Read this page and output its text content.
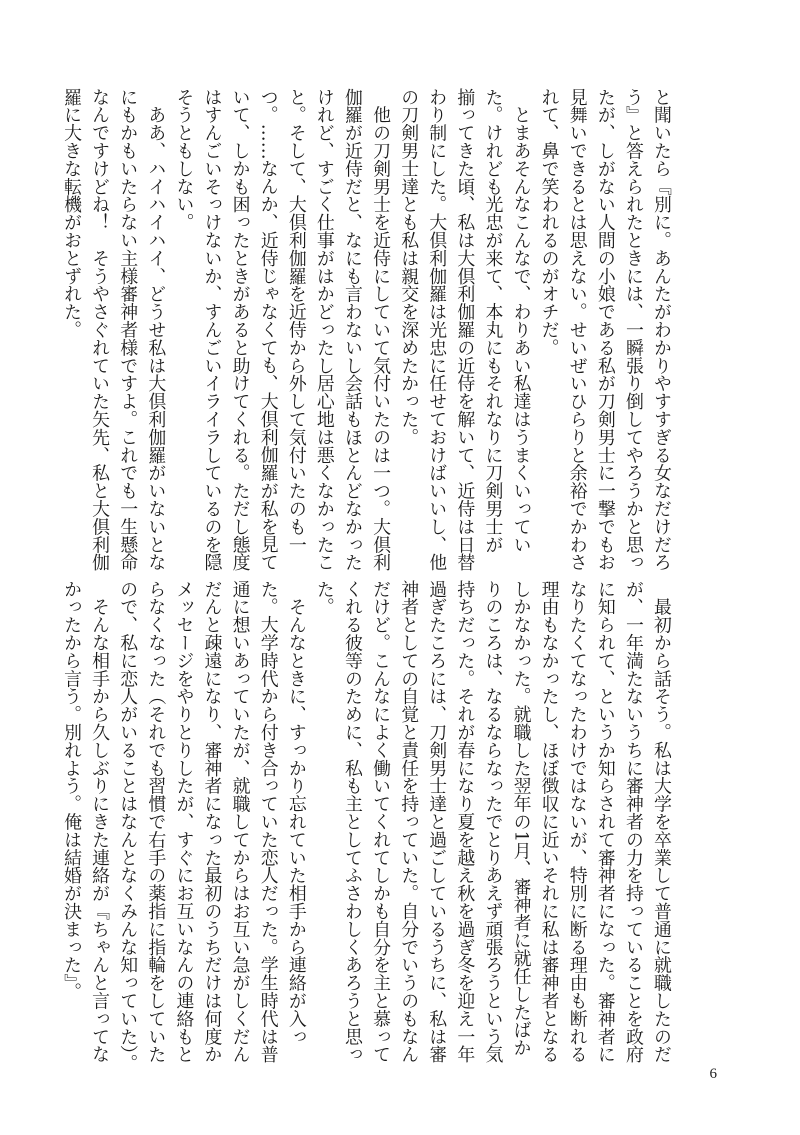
と聞いたら『別に。あんたがわかりやすすぎる女なだけだろ
う』と答えられたときには、一瞬張り倒してやろうかと思っ
たが、しがない人間の小娘である私が刀剣男士に一撃でもお
見舞いできるとは思えない。せいぜいひらりと余裕でかわさ
れて、鼻で笑われるのがオチだ。
　とまあそんなこんなで、わりあい私達はうまくいってい
た。けれども光忠が来て、本丸にもそれなりに刀剣男士が
揃ってきた頃、私は大倶利伽羅の近侍を解いて、近侍は日替
わり制にした。大倶利伽羅は光忠に任せておけばいいし、他
の刀剣男士達とも私は親交を深めたかった。
　他の刀剣男士を近侍にしていて気付いたのは一つ。大倶利
伽羅が近侍だと、なにも言わないし会話もほとんどなかった
けれど、すごく仕事がはかどったし居心地は悪くなかったこ
と。そして、大倶利伽羅を近侍から外して気付いたのも一
つ。……なんか、近侍じゃなくても、大倶利伽羅が私を見て
いて、しかも困ったときがあると助けてくれる。ただし態度
はすんごいそっけないか、すんごいイライラしているのを隠
そうともしない。
　ああ、ハイハイハイ、どうせ私は大倶利伽羅がいないとな
にもかもいたらない主様審神者様ですよ。これでも一生懸命
なんですけどね！　そうやさぐれていた矢先、私と大倶利伽
羅に大きな転機がおとずれた。
　最初から話そう。私は大学を卒業して普通に就職したのだ
が、一年満たないうちに審神者の力を持っていることを政府
に知られて、というか知らされて審神者になった。審神者に
なりたくてなったわけではないが、特別に断る理由も断れる
理由もなかったし、ほぼ徴収に近いそれに私は審神者となる
しかなかった。就職した翌年の1月、審神者に就任したばか
りのころは、なるならなったでとりあえず頑張ろうという気
持ちだった。それが春になり夏を越え秋を過ぎ冬を迎え一年
過ぎたころには、刀剣男士達と過ごしているうちに、私は審
神者としての自覚と責任を持っていた。自分でいうのもなん
だけど。こんなによく働いてくれてしかも自分を主と慕って
くれる彼等のために、私も主としてふさわしくあろうと思っ
た。
　そんなときに、すっかり忘れていた相手から連絡が入っ
た。大学時代から付き合っていた恋人だった。学生時代は普
通に想いあっていたが、就職してからはお互い急がしくだん
だんと疎遠になり、審神者になった最初のうちだけは何度か
メッセージをやりとりしたが、すぐにお互いなんの連絡もと
らなくなった（それでも習慣で右手の薬指に指輪をしていた
ので、私に恋人がいることはなんとなくみんな知っていた）。
　そんな相手から久しぶりにきた連絡が『ちゃんと言ってな
かったから言う。別れよう。俺は結婚が決まった』。
6
